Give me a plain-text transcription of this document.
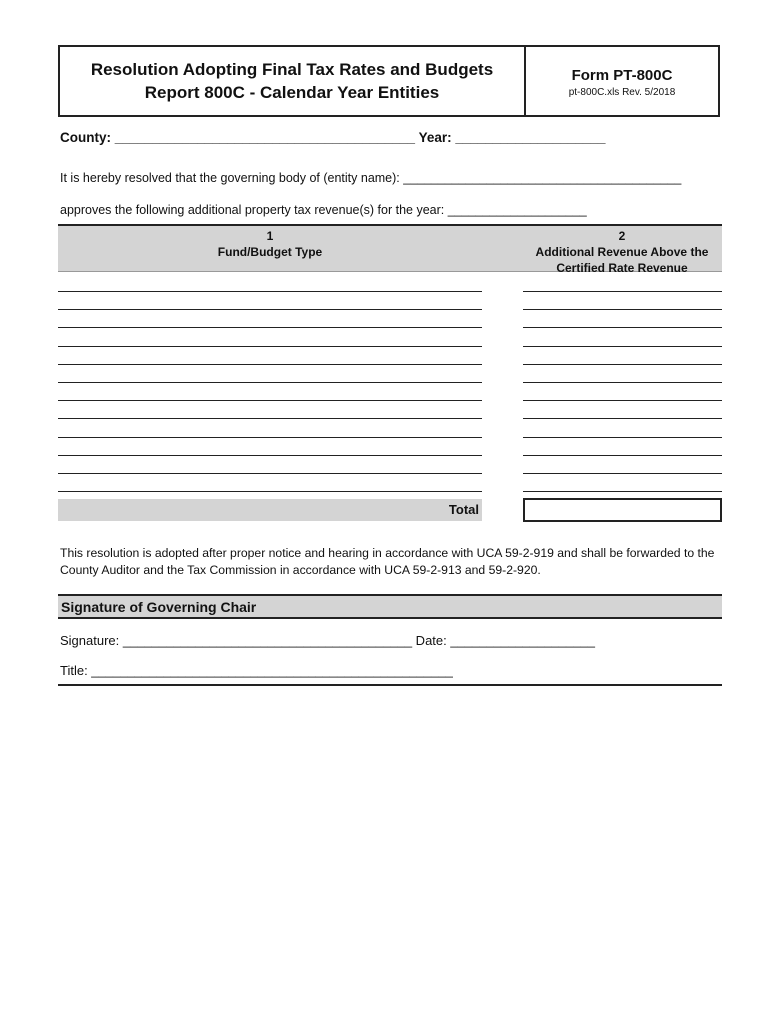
Resolution Adopting Final Tax Rates and Budgets
Report 800C - Calendar Year Entities
Form PT-800C
pt-800C.xls Rev. 5/2018
County: ________________________________________ Year: ____________________
It is hereby resolved that the governing body of (entity name): ________________________________________
approves the following additional property tax revenue(s) for the year: ____________________
1
Fund/Budget Type
2
Additional Revenue Above the
Certified Rate Revenue
Total
This resolution is adopted after proper notice and hearing in accordance with UCA 59-2-919 and shall be forwarded to the County Auditor and the Tax Commission in accordance with UCA 59-2-913 and 59-2-920.
Signature of Governing Chair
Signature: ________________________________________ Date: ____________________
Title: __________________________________________________
